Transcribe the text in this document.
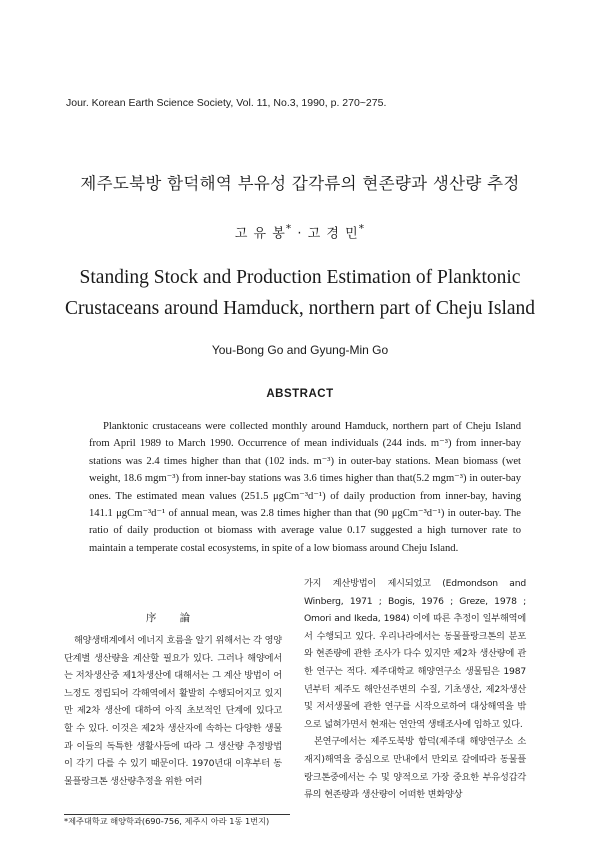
Jour. Korean Earth Science Society, Vol. 11, No.3, 1990, p. 270~275.
제주도북방 함덕해역 부유성 갑각류의 현존량과 생산량 추정
고 유 봉* · 고 경 민*
Standing Stock and Production Estimation of Planktonic
Crustaceans around Hamduck, northern part of Cheju Island
You-Bong Go and Gyung-Min Go
ABSTRACT
Planktonic crustaceans were collected monthly around Hamduck, northern part of Cheju Island from April 1989 to March 1990. Occurrence of mean individuals (244 inds. m⁻³) from inner-bay stations was 2.4 times higher than that (102 inds. m⁻³) in outer-bay stations. Mean biomass (wet weight, 18.6 mgm⁻³) from inner-bay stations was 3.6 times higher than that(5.2 mgm⁻³) in outer-bay ones. The estimated mean values (251.5 μgCm⁻³d⁻¹) of daily production from inner-bay, having 141.1 μgCm⁻³d⁻¹ of annual mean, was 2.8 times higher than that (90 μgCm⁻³d⁻¹) in outer-bay. The ratio of daily production ot biomass with average value 0.17 suggested a high turnover rate to maintain a temperate costal ecosystems, in spite of a low biomass around Cheju Island.
序 論

해양생태계에서 에너지 흐름을 알기 위해서는 각 영양단계별 생산량을 계산할 필요가 있다. 그러나 해양에서는 저차생산중 제1차생산에 대해서는 그 계산 방법이 어느정도 정립되어 각해역에서 활발히 수행되어지고 있지만 제2차 생산에 대하여 아직 초보적인 단계에 있다고 할 수 있다. 이것은 제2차 생산자에 속하는 다양한 생물과 이들의 독특한 생활사등에 따라 그 생산량 추정방법이 각기 다를 수 있기 때문이다. 1970년대 이후부터 동물플랑크톤 생산량추정을 위한 여러

가지 계산방법이 제시되었고 (Edmondson and Winberg, 1971 ; Bogis, 1976 ; Greze, 1978 ; Omori and Ikeda, 1984) 이에 따른 추정이 일부해역에서 수행되고 있다. 우리나라에서는 동물플랑크톤의 분포와 현존량에 관한 조사가 다수 있지만 제2차 생산량에 관한 연구는 적다. 제주대학교 해양연구소 생물팀은 1987년부터 제주도 해안선주변의 수질, 기초생산, 제2차생산 및 저서생물에 관한 연구를 시작으로하여 대상해역을 밖으로 넓혀가면서 현재는 연안역 생태조사에 임하고 있다.

본연구에서는 제주도북방 함덕(제주대 해양연구소 소재지)해역을 중심으로 만내에서 만외로 갈에따라 동물플랑크톤중에서는 수 및 양적으로 가장 중요한 부유성갑각류의 현존량과 생산량이 어떠한 변화양상

*제주대학교 해양학과(690-756, 제주시 아라 1동 1번지)
